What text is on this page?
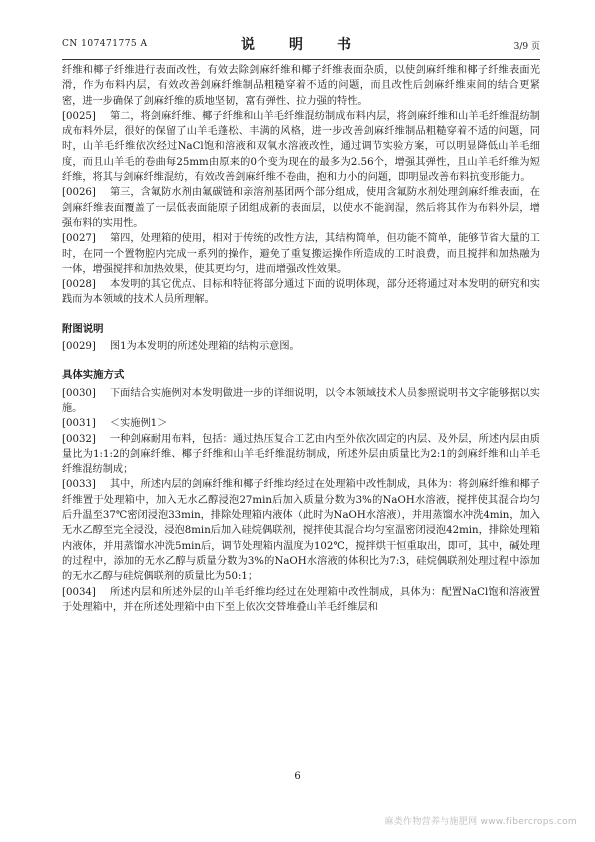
CN 107471775 A	说　明　书	3/9 页

纤维和椰子纤维进行表面改性，有效去除剑麻纤维和椰子纤维表面杂质，以使剑麻纤维和椰子纤维表面光滑，作为布料内层，有效改善剑麻纤维制品粗糙穿着不适的问题，而且改性后剑麻纤维束间的结合更紧密，进一步确保了剑麻纤维的质地坚韧，富有弹性、拉力强的特性。

[0025] 第二，将剑麻纤维、椰子纤维和山羊毛纤维混纺制成布料内层，将剑麻纤维和山羊毛纤维混纺制成布料外层，很好的保留了山羊毛蓬松、丰满的风格，进一步改善剑麻纤维制品粗糙穿着不适的问题，同时，山羊毛纤维依次经过NaCl饱和溶液和双氧水溶液改性，通过调节实验方案，可以明显降低山羊毛细度，而且山羊毛的卷曲每25mm由原来的0个变为现在的最多为2.56个，增强其弹性，且山羊毛纤维为短纤维，将其与剑麻纤维混纺，有效改善剑麻纤维不卷曲，抱和力小的问题，即明显改善布料抗变形能力。

[0026] 第三，含氟防水剂由氟碳链和亲溶剂基团两个部分组成，使用含氟防水剂处理剑麻纤维表面，在剑麻纤维表面覆盖了一层低表面能原子团组成新的表面层，以使水不能润湿，然后将其作为布料外层，增强布料的实用性。

[0027] 第四，处理箱的使用，相对于传统的改性方法，其结构简单，但功能不简单，能够节省大量的工时，在同一个置物腔内完成一系列的操作，避免了重复搬运操作所造成的工时浪费，而且搅拌和加热融为一体，增强搅拌和加热效果，使其更均匀，进而增强改性效果。

[0028] 本发明的其它优点、目标和特征将部分通过下面的说明体现，部分还将通过对本发明的研究和实践而为本领域的技术人员所理解。

附图说明

[0029] 图1为本发明的所述处理箱的结构示意图。

具体实施方式

[0030] 下面结合实施例对本发明做进一步的详细说明，以令本领域技术人员参照说明书文字能够据以实施。

[0031] ＜实施例1＞

[0032] 一种剑麻耐用布料，包括：通过热压复合工艺由内至外依次固定的内层、及外层，所述内层由质量比为1:1:2的剑麻纤维、椰子纤维和山羊毛纤维混纺制成，所述外层由质量比为2:1的剑麻纤维和山羊毛纤维混纺制成；

[0033] 其中，所述内层的剑麻纤维和椰子纤维均经过在处理箱中改性制成，具体为：将剑麻纤维和椰子纤维置于处理箱中，加入无水乙醇浸泡27min后加入质量分数为3%的NaOH水溶液，搅拌使其混合均匀后升温至37℃密闭浸泡33min，排除处理箱内液体（此时为NaOH水溶液），并用蒸馏水冲洗4min，加入无水乙醇至完全浸没，浸泡8min后加入硅烷偶联剂，搅拌使其混合均匀室温密闭浸泡42min，排除处理箱内液体，并用蒸馏水冲洗5min后，调节处理箱内温度为102℃，搅拌烘干恒重取出，即可，其中，碱处理的过程中，添加的无水乙醇与质量分数为3%的NaOH水溶液的体积比为7:3，硅烷偶联剂处理过程中添加的无水乙醇与硅烷偶联剂的质量比为50:1；

[0034] 所述内层和所述外层的山羊毛纤维均经过在处理箱中改性制成，具体为：配置NaCl饱和溶液置于处理箱中，并在所述处理箱中由下至上依次交替堆叠山羊毛纤维层和

6
麻类作物营养与施肥网 www.fibercrops.com
